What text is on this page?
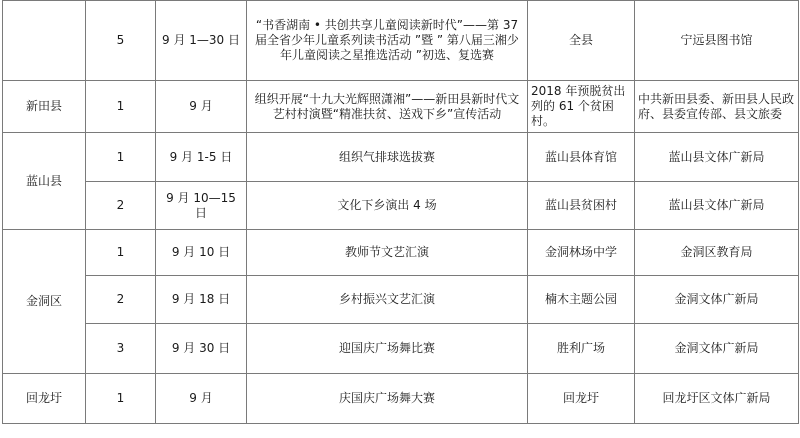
	5	9 月 1—30 日	“书香湖南 • 共创共享儿童阅读新时代”——第 37 届全省少年儿童系列读书活动 ”暨 ” 第八届三湘少年儿童阅读之星推选活动 ”初选、复选赛	全县	宁远县图书馆
新田县	1	9 月	组织开展“十九大光辉照潇湘”——新田县新时代文艺村村演暨“精准扶贫、送戏下乡”宣传活动	2018 年预脱贫出列的 61 个贫困村。	中共新田县委、新田县人民政府、县委宣传部、县文旅委
蓝山县	1	9 月 1-5 日	组织气排球选拔赛	蓝山县体育馆	蓝山县文体广新局
	2	9 月 10—15 日	文化下乡演出 4 场	蓝山县贫困村	蓝山县文体广新局
金洞区	1	9 月 10 日	教师节文艺汇演	金洞林场中学	金洞区教育局
	2	9 月 18 日	乡村振兴文艺汇演	楠木主题公园	金洞文体广新局
	3	9 月 30 日	迎国庆广场舞比赛	胜利广场	金洞文体广新局
回龙圩	1	9 月	庆国庆广场舞大赛	回龙圩	回龙圩区文体广新局
